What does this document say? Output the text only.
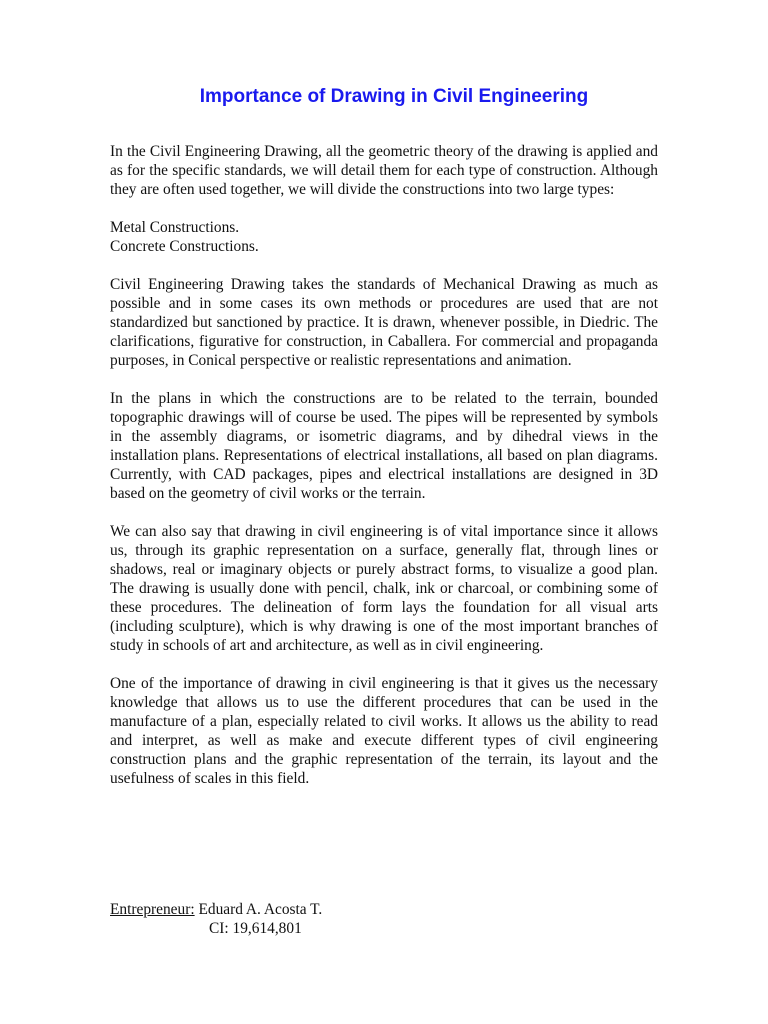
Importance of Drawing in Civil Engineering

In the Civil Engineering Drawing, all the geometric theory of the drawing is applied and as for the specific standards, we will detail them for each type of construction. Although they are often used together, we will divide the constructions into two large types:

Metal Constructions.

Concrete Constructions.

Civil Engineering Drawing takes the standards of Mechanical Drawing as much as possible and in some cases its own methods or procedures are used that are not standardized but sanctioned by practice. It is drawn, whenever possible, in Diedric. The clarifications, figurative for construction, in Caballera. For commercial and propaganda purposes, in Conical perspective or realistic representations and animation.

In the plans in which the constructions are to be related to the terrain, bounded topographic drawings will of course be used. The pipes will be represented by symbols in the assembly diagrams, or isometric diagrams, and by dihedral views in the installation plans. Representations of electrical installations, all based on plan diagrams. Currently, with CAD packages, pipes and electrical installations are designed in 3D based on the geometry of civil works or the terrain.

We can also say that drawing in civil engineering is of vital importance since it allows us, through its graphic representation on a surface, generally flat, through lines or shadows, real or imaginary objects or purely abstract forms, to visualize a good plan. The drawing is usually done with pencil, chalk, ink or charcoal, or combining some of these procedures. The delineation of form lays the foundation for all visual arts (including sculpture), which is why drawing is one of the most important branches of study in schools of art and architecture, as well as in civil engineering.

One of the importance of drawing in civil engineering is that it gives us the necessary knowledge that allows us to use the different procedures that can be used in the manufacture of a plan, especially related to civil works. It allows us the ability to read and interpret, as well as make and execute different types of civil engineering construction plans and the graphic representation of the terrain, its layout and the usefulness of scales in this field.

Entrepreneur: Eduard A. Acosta T.
CI: 19,614,801
